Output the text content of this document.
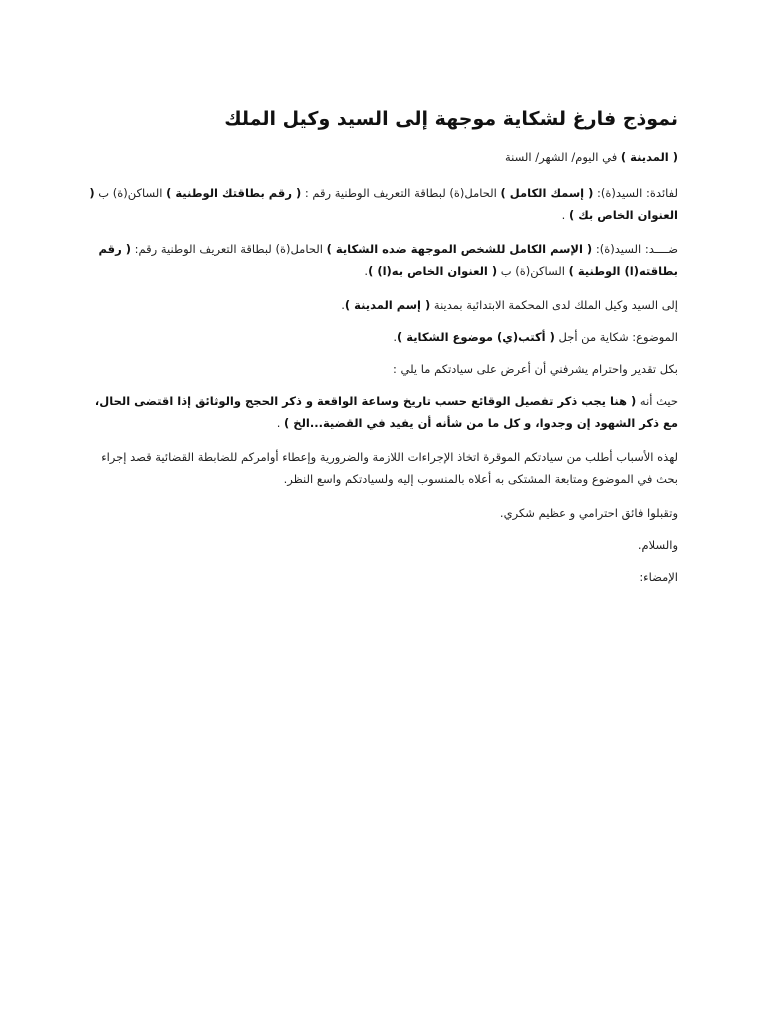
نموذج فارغ لشكاية موجهة إلى السيد وكيل الملك

( المدينة ) في اليوم/ الشهر/ السنة

لفائدة: السيد(ة): ( إسمك الكامل ) الحامل(ة) لبطاقة التعريف الوطنية رقم : ( رقم بطاقتك الوطنية ) الساكن(ة) ب ( العنوان الخاص بك ) .

ضــــد: السيد(ة): ( الإسم الكامل للشخص الموجهة ضده الشكاية ) الحامل(ة) لبطاقة التعريف الوطنية رقم: ( رقم بطاقته(ا) الوطنية ) الساكن(ة) ب ( العنوان الخاص به(ا) ).

إلى السيد وكيل الملك لدى المحكمة الابتدائية بمدينة ( إسم المدينة ).

الموضوع: شكاية من أجل ( أكتب(ي) موضوع الشكاية ).

بكل تقدير واحترام يشرفني أن أعرض على سيادتكم ما يلي :

حيث أنه ( هنا يجب ذكر تفصيل الوقائع حسب تاريخ وساعة الواقعة و ذكر الحجج والوثائق إذا اقتضى الحال، مع ذكر الشهود إن وجدوا، و كل ما من شأنه أن يفيد في القضية...الخ ) .

لهذه الأسباب أطلب من سيادتكم الموقرة اتخاذ الإجراءات اللازمة والضرورية وإعطاء أوامركم للضابطة القضائية قصد إجراء بحث في الموضوع ومتابعة المشتكى به أعلاه بالمنسوب إليه ولسيادتكم واسع النظر.

وتقبلوا فائق احترامي و عظيم شكري.

والسلام.

الإمضاء:
